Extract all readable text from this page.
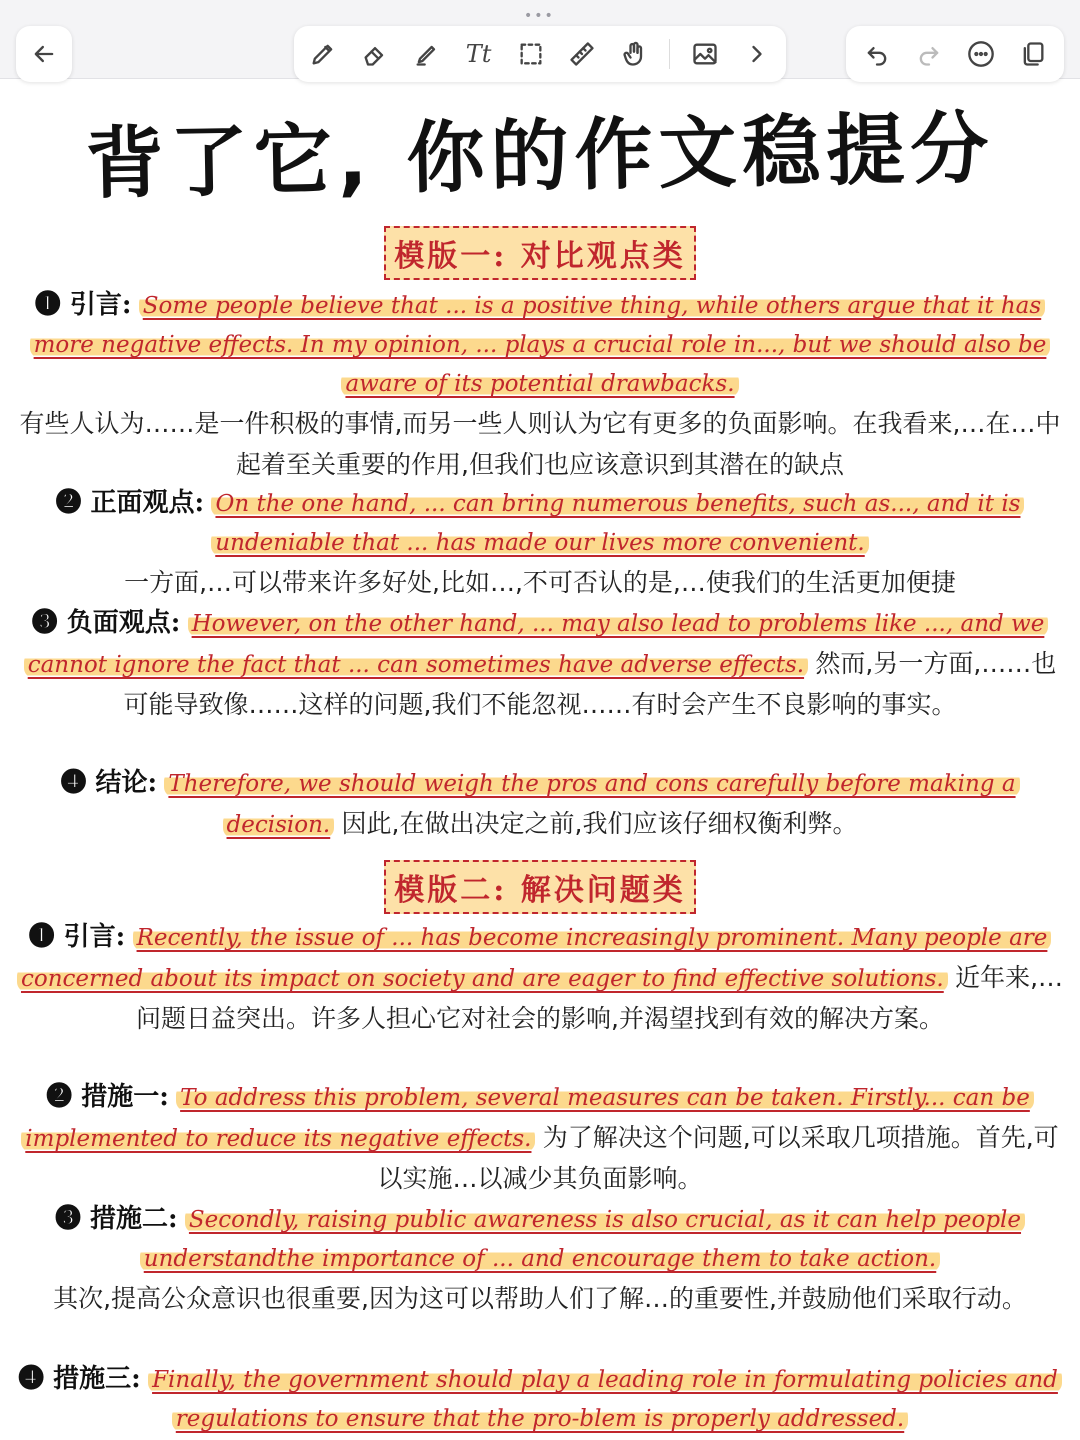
•••
Tt
背了它, 你的作文稳提分
模版一: 对比观点类
❶ 引言: Some people believe that ... is a positive thing, while others argue that it has more negative effects. In my opinion, ... plays a crucial role in..., but we should also be aware of its potential drawbacks.
有些人认为……是一件积极的事情,而另一些人则认为它有更多的负面影响。在我看来,…在…中起着至关重要的作用,但我们也应该意识到其潜在的缺点
❷ 正面观点: On the one hand, ... can bring numerous benefits, such as..., and it is undeniable that ... has made our lives more convenient.
一方面,…可以带来许多好处,比如…,不可否认的是,…使我们的生活更加便捷
❸ 负面观点: However, on the other hand, ... may also lead to problems like ..., and we cannot ignore the fact that ... can sometimes have adverse effects. 然而,另一方面,……也可能导致像……这样的问题,我们不能忽视……有时会产生不良影响的事实。
❹ 结论: Therefore, we should weigh the pros and cons carefully before making a decision. 因此,在做出决定之前,我们应该仔细权衡利弊。
模版二: 解决问题类
❶ 引言: Recently, the issue of ... has become increasingly prominent. Many people are concerned about its impact on society and are eager to find effective solutions. 近年来,…问题日益突出。许多人担心它对社会的影响,并渴望找到有效的解决方案。
❷ 措施一: To address this problem, several measures can be taken. Firstly... can be implemented to reduce its negative effects. 为了解决这个问题,可以采取几项措施。首先,可以实施…以减少其负面影响。
❸ 措施二: Secondly, raising public awareness is also crucial, as it can help people understandthe importance of ... and encourage them to take action.
其次,提高公众意识也很重要,因为这可以帮助人们了解…的重要性,并鼓励他们采取行动。
❹ 措施三: Finally, the government should play a leading role in formulating policies and regulations to ensure that the pro-blem is properly addressed.
